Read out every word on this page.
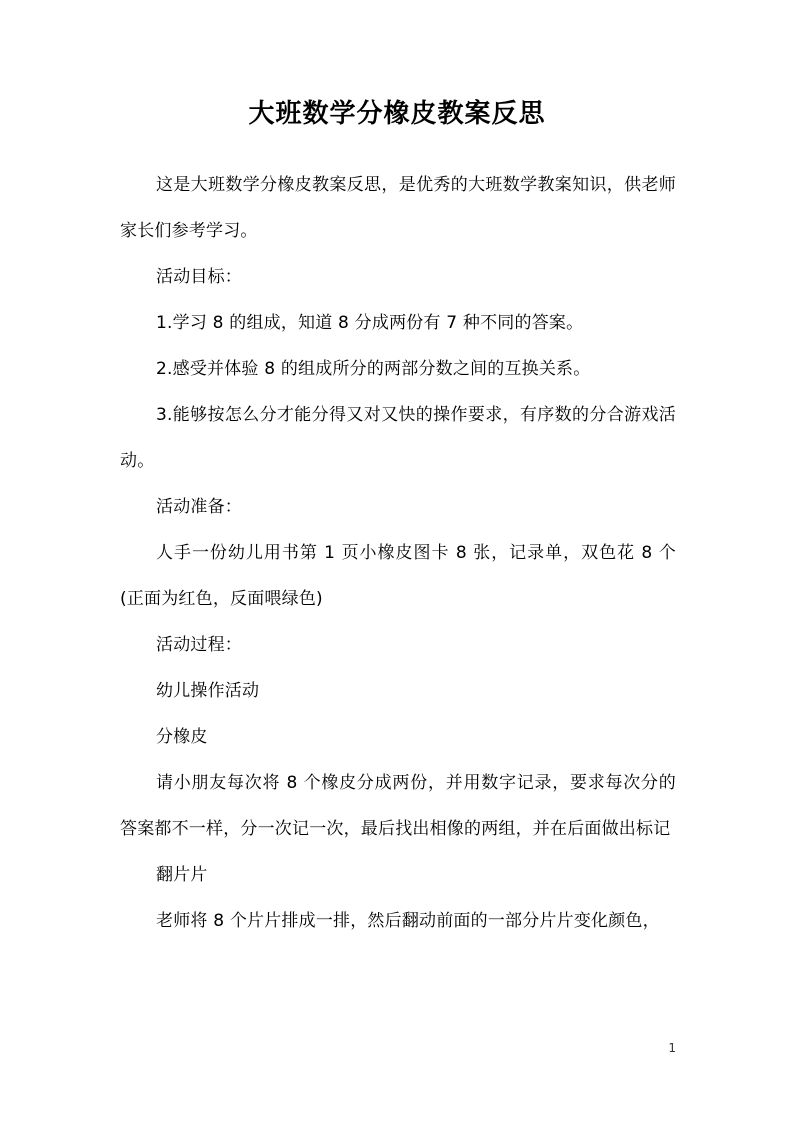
大班数学分橡皮教案反思

这是大班数学分橡皮教案反思，是优秀的大班数学教案知识，供老师家长们参考学习。

活动目标：

1.学习 8 的组成，知道 8 分成两份有 7 种不同的答案。

2.感受并体验 8 的组成所分的两部分数之间的互换关系。

3.能够按怎么分才能分得又对又快的操作要求，有序数的分合游戏活动。

活动准备：

人手一份幼儿用书第 1 页小橡皮图卡 8 张，记录单，双色花 8 个(正面为红色，反面喂绿色)

活动过程：

幼儿操作活动

分橡皮

请小朋友每次将 8 个橡皮分成两份，并用数字记录，要求每次分的答案都不一样，分一次记一次，最后找出相像的两组，并在后面做出标记

翻片片

老师将 8 个片片排成一排，然后翻动前面的一部分片片变化颜色，

1
